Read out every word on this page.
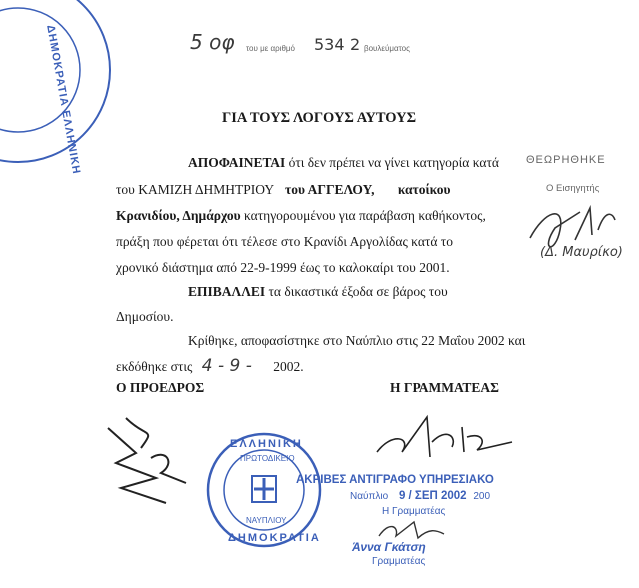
ΔΗΜΟΚΡΑΤΙΑ ΕΛΛΗΝΙΚΗ	5 οφ του με αριθμό 534 2 βουλεύματος
ΓΙΑ ΤΟΥΣ ΛΟΓΟΥΣ ΑΥΤΟΥΣ
ΑΠΟΦΑΙΝΕΤΑΙ ότι δεν πρέπει να γίνει κατηγορία κατά
του ΚΑΜΙΖΗ ΔΗΜΗΤΡΙΟΥ του ΑΓΓΕΛΟΥ, κατοίκου
Κρανιδίου, Δημάρχου κατηγορουμένου για παράβαση καθήκοντος,
πράξη που φέρεται ότι τέλεσε στο Κρανίδι Αργολίδας κατά το
χρονικό διάστημα από 22-9-1999 έως το καλοκαίρι του 2001.
ΕΠΙΒΑΛΛΕΙ τα δικαστικά έξοδα σε βάρος του
Δημοσίου.
Κρίθηκε, αποφασίστηκε στο Ναύπλιο στις 22 Μαΐου 2002 και
εκδόθηκε στις 4 - 9 - 2002.
ΘΕΩΡΗΘΗΚΕ
Ο Εισηγητής
(Δ. Μαυρίκο)
Ο ΠΡΟΕΔΡΟΣ	Η ΓΡΑΜΜΑΤΕΑΣ
ΕΛΛΗΝΙΚΗ
ΠΡΩΤΟΔΙΚΕΙΟ
ΝΑΥΠΛΙΟΥ
ΔΗΜΟΚΡΑΤΙΑ
ΑΚΡΙΒΕΣ ΑΝΤΙΓΡΑΦΟ ΥΠΗΡΕΣΙΑΚΟ
Ναύπλιο 9 / ΣΕΠ 2002 200
Η Γραμματέας
Άννα Γκάτση
Γραμματέας
